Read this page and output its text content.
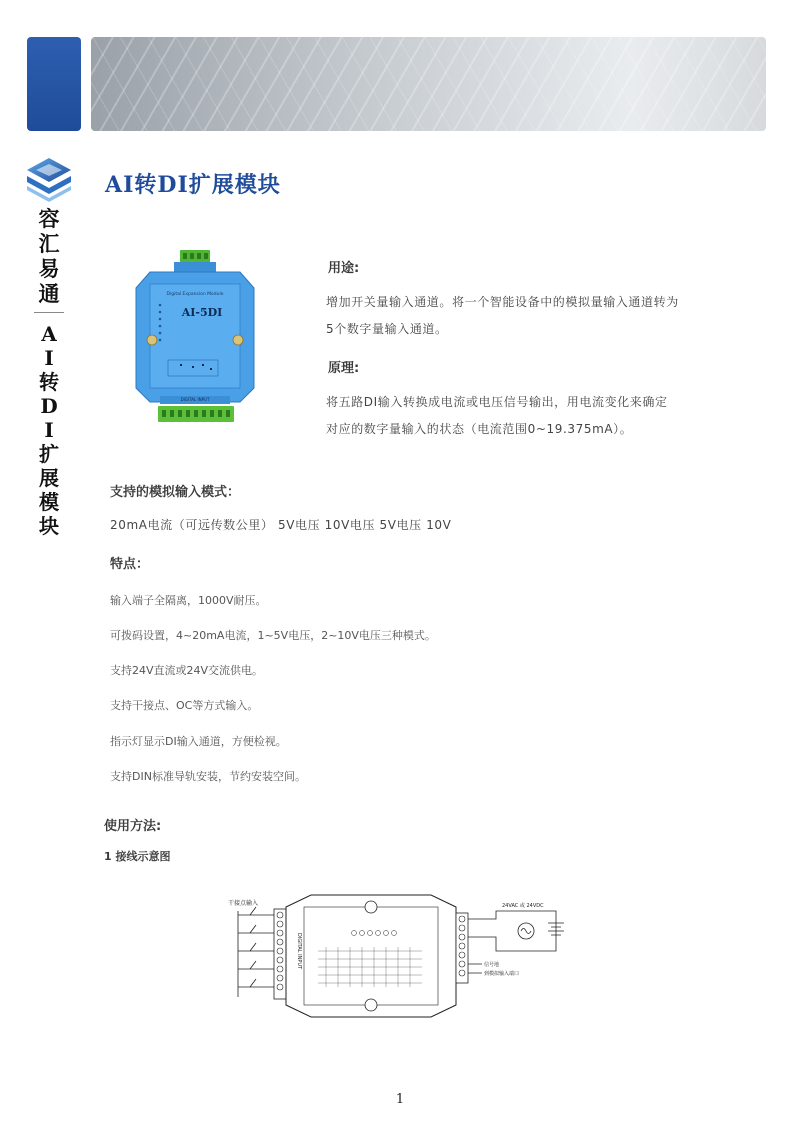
容
汇
易
通
A
I
转
D
I
扩
展
模
块
AI转DI扩展模块
Digital Expansion Module
AI-5DI
DIGITAL INPUT
用途:
增加开关量输入通道。将一个智能设备中的模拟量输入通道转为
5个数字量输入通道。
原理:
将五路DI输入转换成电流或电压信号输出，用电流变化来确定
对应的数字量输入的状态（电流范围0~19.375mA）。
支持的模拟输入模式：
20mA电流（可远传数公里） 5V电压 10V电压 5V电压 10V
特点：
输入端子全隔离，1000V耐压。
可拨码设置，4~20mA电流，1~5V电压，2~10V电压三种模式。
支持24V直流或24V交流供电。
支持干接点、OC等方式输入。
指示灯显示DI输入通道，方便检视。
支持DIN标准导轨安装，节约安装空间。
使用方法:
1 接线示意图
干接点输入
DIGITAL INPUT
24VAC 或 24VDC
信号地
到模拟输入端口
1
